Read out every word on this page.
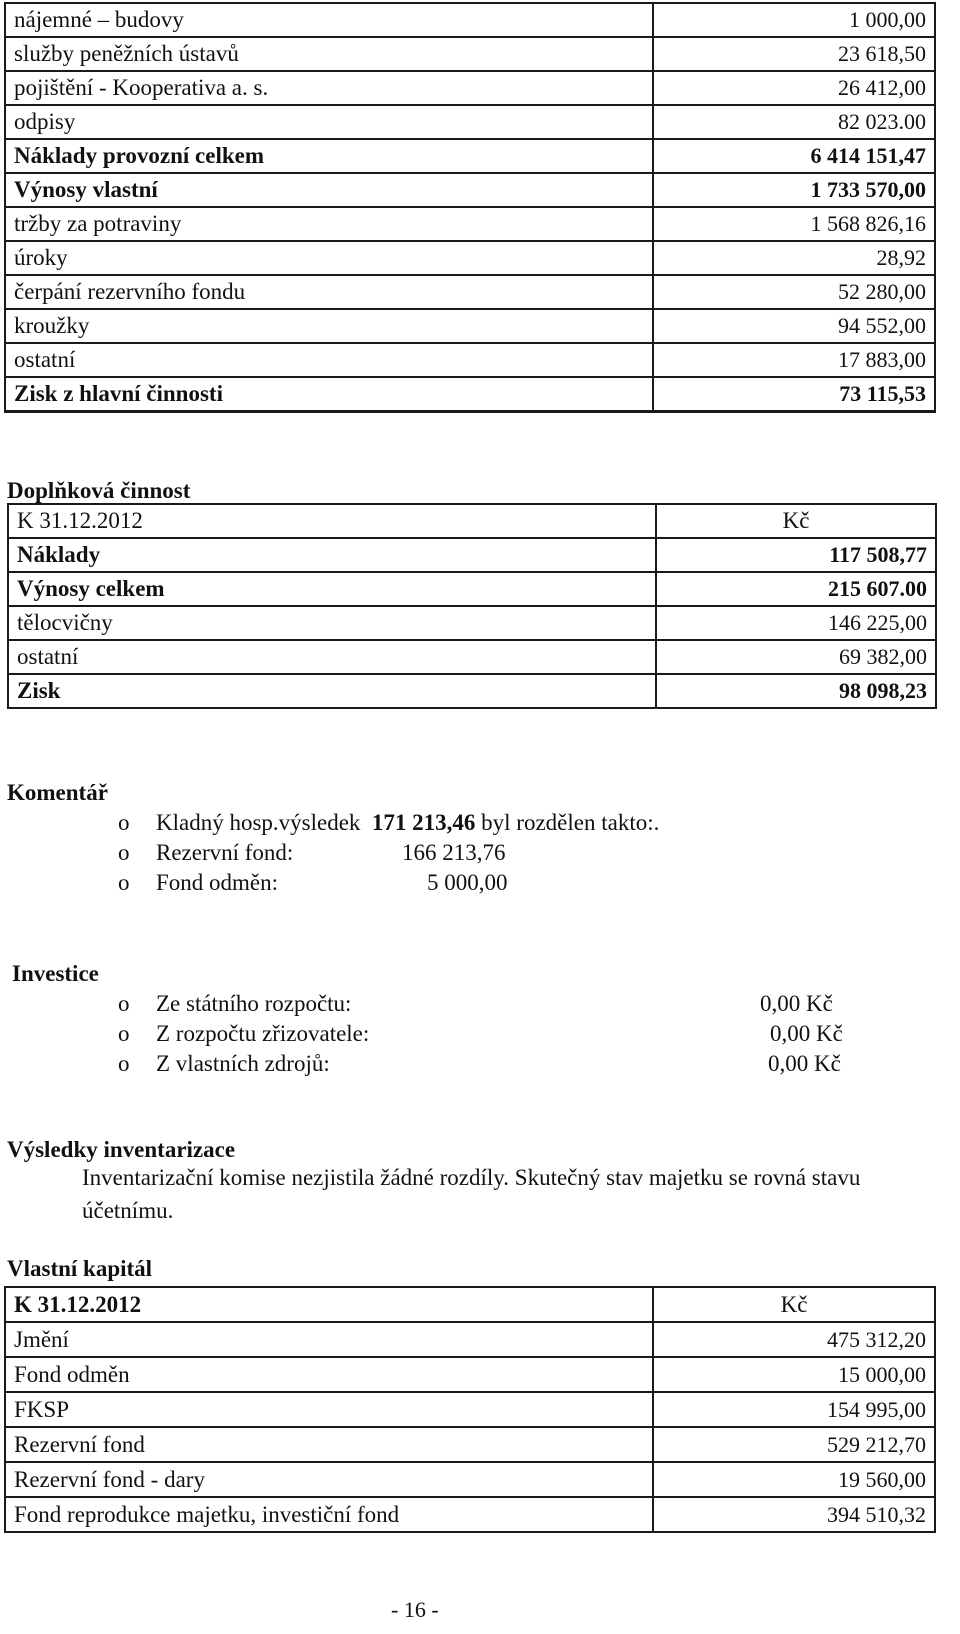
nájemné – budovy	1 000,00
služby peněžních ústavů	23 618,50
pojištění - Kooperativa a. s.	26 412,00
odpisy	82 023.00
Náklady provozní celkem	6 414 151,47
Výnosy vlastní	1 733 570,00
tržby za potraviny	1 568 826,16
úroky	28,92
čerpání rezervního fondu	52 280,00
kroužky	94 552,00
ostatní	17 883,00
Zisk z hlavní činnosti	73 115,53
Doplňková činnost
K 31.12.2012	Kč
Náklady	117 508,77
Výnosy celkem	215 607.00
tělocvičny	146 225,00
ostatní	69 382,00
Zisk	98 098,23
Komentář
o Kladný hosp.výsledek 171 213,46 byl rozdělen takto:.
o Rezervní fond:	166 213,76
o Fond odměn:	5 000,00
Investice
o Ze státního rozpočtu:	0,00 Kč
o Z rozpočtu zřizovatele:	0,00 Kč
o Z vlastních zdrojů:	0,00 Kč
Výsledky inventarizace
Inventarizační komise nezjistila žádné rozdíly. Skutečný stav majetku se rovná stavu účetnímu.
Vlastní kapitál
K 31.12.2012	Kč
Jmění	475 312,20
Fond odměn	15 000,00
FKSP	154 995,00
Rezervní fond	529 212,70
Rezervní fond - dary	19 560,00
Fond reprodukce majetku, investiční fond	394 510,32
- 16 -
